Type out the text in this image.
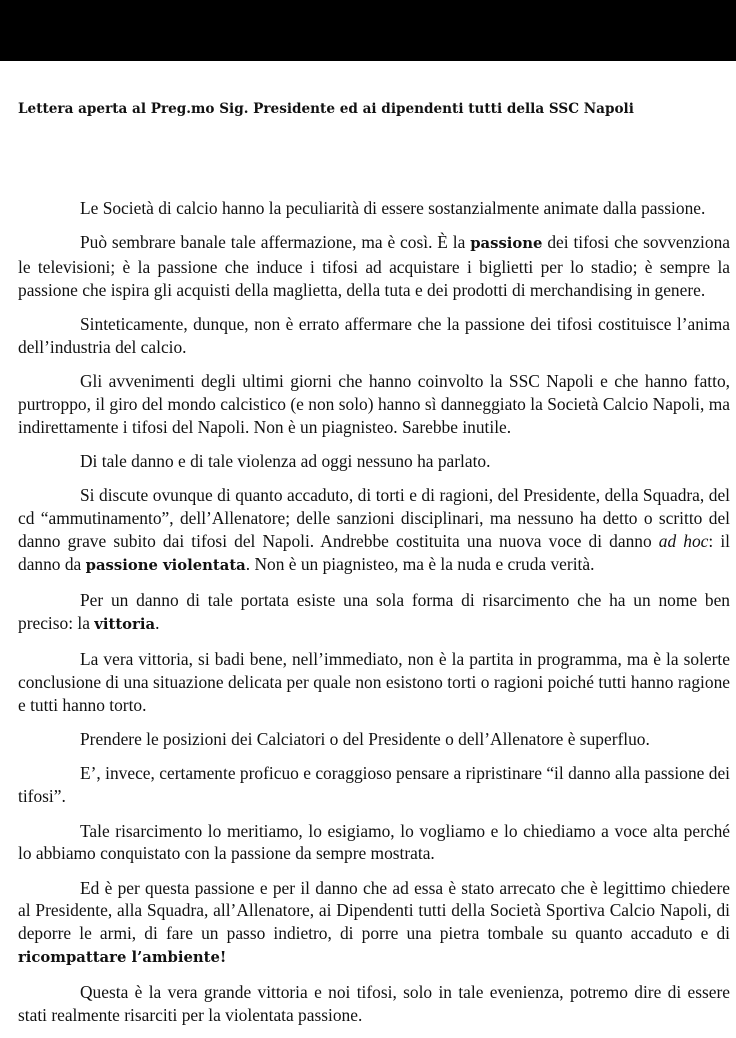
Lettera aperta al Preg.mo Sig. Presidente ed ai dipendenti tutti della SSC Napoli

Le Società di calcio hanno la peculiarità di essere sostanzialmente animate dalla passione.

Può sembrare banale tale affermazione, ma è così. È la passione dei tifosi che sovvenziona le televisioni; è la passione che induce i tifosi ad acquistare i biglietti per lo stadio; è sempre la passione che ispira gli acquisti della maglietta, della tuta e dei prodotti di merchandising in genere.

Sinteticamente, dunque, non è errato affermare che la passione dei tifosi costituisce l’anima dell’industria del calcio.

Gli avvenimenti degli ultimi giorni che hanno coinvolto la SSC Napoli e che hanno fatto, purtroppo, il giro del mondo calcistico (e non solo) hanno sì danneggiato la Società Calcio Napoli, ma indirettamente i tifosi del Napoli. Non è un piagnisteo. Sarebbe inutile.

Di tale danno e di tale violenza ad oggi nessuno ha parlato.

Si discute ovunque di quanto accaduto, di torti e di ragioni, del Presidente, della Squadra, del cd “ammutinamento”, dell’Allenatore; delle sanzioni disciplinari, ma nessuno ha detto o scritto del danno grave subito dai tifosi del Napoli. Andrebbe costituita una nuova voce di danno ad hoc: il danno da passione violentata. Non è un piagnisteo, ma è la nuda e cruda verità.

Per un danno di tale portata esiste una sola forma di risarcimento che ha un nome ben preciso: la vittoria.

La vera vittoria, si badi bene, nell’immediato, non è la partita in programma, ma è la solerte conclusione di una situazione delicata per quale non esistono torti o ragioni poiché tutti hanno ragione e tutti hanno torto.

Prendere le posizioni dei Calciatori o del Presidente o dell’Allenatore è superfluo.

E’, invece, certamente proficuo e coraggioso pensare a ripristinare “il danno alla passione dei tifosi”.

Tale risarcimento lo meritiamo, lo esigiamo, lo vogliamo e lo chiediamo a voce alta perché lo abbiamo conquistato con la passione da sempre mostrata.

Ed è per questa passione e per il danno che ad essa è stato arrecato che è legittimo chiedere al Presidente, alla Squadra, all’Allenatore, ai Dipendenti tutti della Società Sportiva Calcio Napoli, di deporre le armi, di fare un passo indietro, di porre una pietra tombale su quanto accaduto e di ricompattare l’ambiente!

Questa è la vera grande vittoria e noi tifosi, solo in tale evenienza, potremo dire di essere stati realmente risarciti per la violentata passione.
